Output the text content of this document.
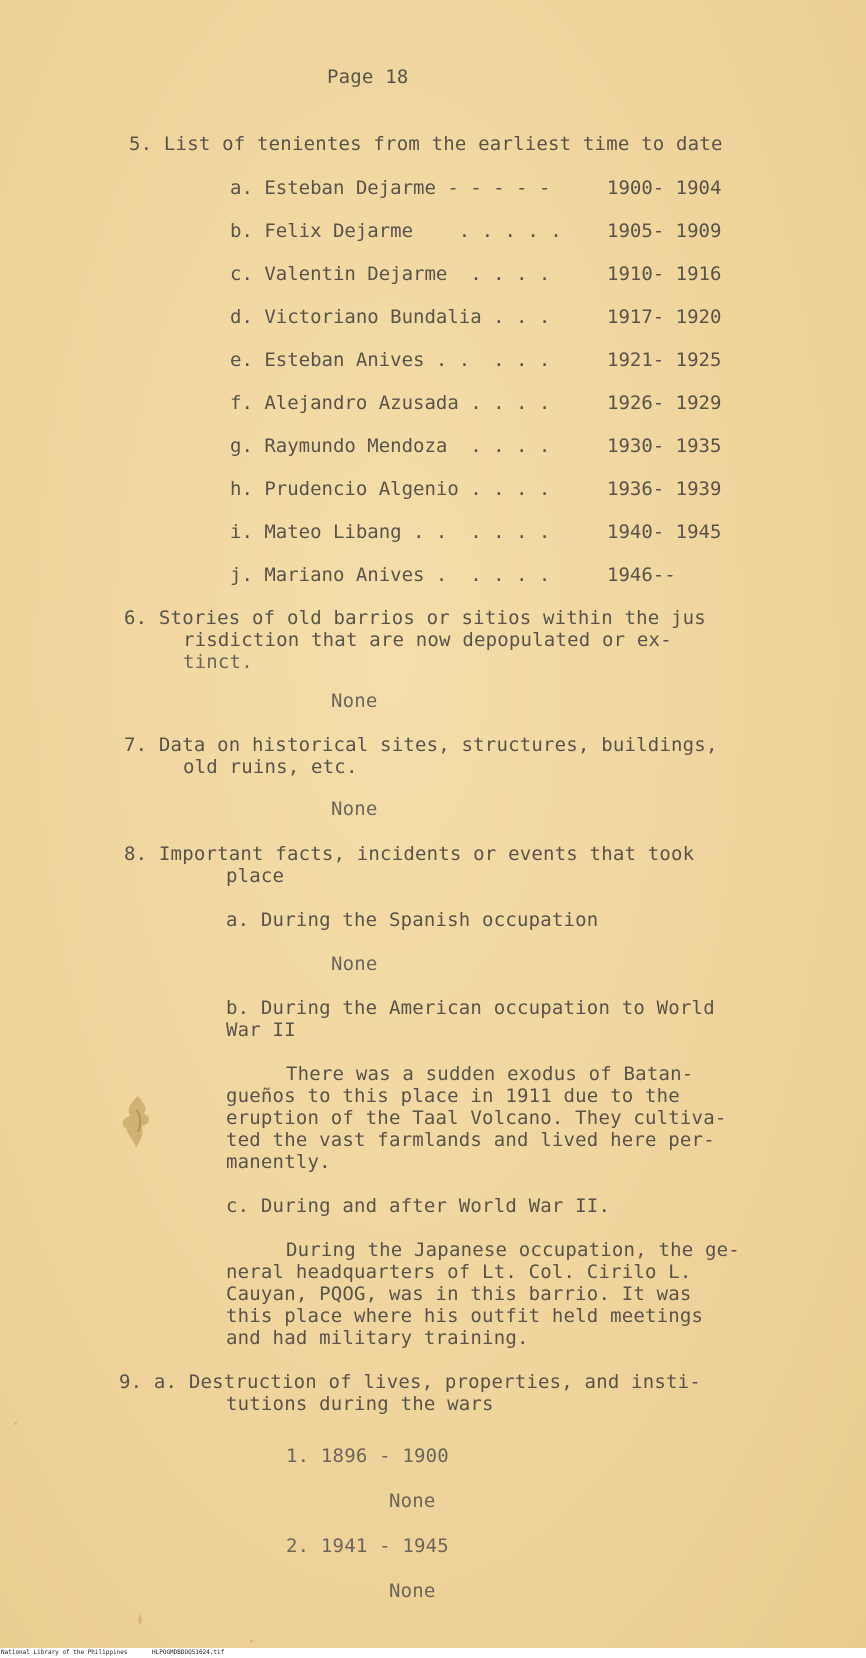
Page 18
5. List of tenientes from the earliest time to date
a. Esteban Dejarme - - - - - 1900- 1904
b. Felix Dejarme    . . . . . 1905- 1909
c. Valentin Dejarme  . . . . 1910- 1916
d. Victoriano Bundalia . . . 1917- 1920
e. Esteban Anives . .  . . . 1921- 1925
f. Alejandro Azusada . . . . 1926- 1929
g. Raymundo Mendoza  . . . . 1930- 1935
h. Prudencio Algenio . . . . 1936- 1939
i. Mateo Libang . .  . . . . 1940- 1945
j. Mariano Anives .  . . . . 1946--
6. Stories of old barrios or sitios within the jus
risdiction that are now depopulated or ex-
tinct.
None
7. Data on historical sites, structures, buildings,
old ruins, etc.
None
8. Important facts, incidents or events that took
place
a. During the Spanish occupation
None
b. During the American occupation to World
War II
There was a sudden exodus of Batan-
gueños to this place in 1911 due to the
eruption of the Taal Volcano. They cultiva-
ted the vast farmlands and lived here per-
manently.
c. During and after World War II.
During the Japanese occupation, the ge-
neral headquarters of Lt. Col. Cirilo L.
Cauyan, PQOG, was in this barrio. It was
this place where his outfit held meetings
and had military training.
9. a. Destruction of lives, properties, and insti-
tutions during the wars
1. 1896 - 1900
None
2. 1941 - 1945
None
National Library of the Philippines	HLPOGMDBDOQ51024.tif
